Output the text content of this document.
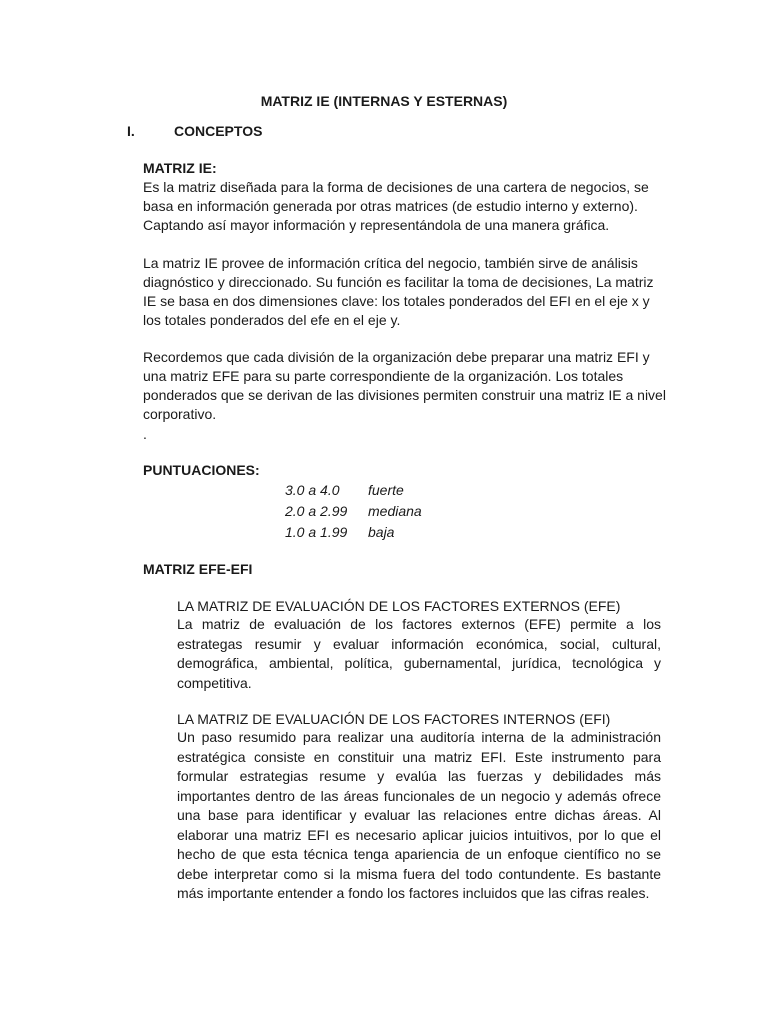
MATRIZ IE (INTERNAS Y ESTERNAS)
I.	CONCEPTOS
MATRIZ IE:
Es la matriz diseñada para la forma de decisiones de una cartera de negocios, se
basa en información generada por otras matrices (de estudio interno y externo).
Captando así mayor información y representándola de una manera gráfica.
La matriz IE provee de información crítica del negocio, también sirve de análisis
diagnóstico y direccionado. Su función es facilitar la toma de decisiones, La matriz
IE se basa en dos dimensiones clave: los totales ponderados del EFI en el eje x y
los totales ponderados del efe en el eje y.
Recordemos que cada división de la organización debe preparar una matriz EFI y
una matriz EFE para su parte correspondiente de la organización. Los totales
ponderados que se derivan de las divisiones permiten construir una matriz IE a nivel
corporativo.
.
PUNTUACIONES:
3.0 a 4.0	fuerte
2.0 a 2.99	mediana
1.0 a 1.99	baja
MATRIZ EFE-EFI
LA MATRIZ DE EVALUACIÓN DE LOS FACTORES EXTERNOS (EFE)
La matriz de evaluación de los factores externos (EFE) permite a los
estrategas resumir y evaluar información económica, social, cultural,
demográfica, ambiental, política, gubernamental, jurídica, tecnológica y
competitiva.
LA MATRIZ DE EVALUACIÓN DE LOS FACTORES INTERNOS (EFI)
Un paso resumido para realizar una auditoría interna de la administración
estratégica consiste en constituir una matriz EFI. Este instrumento para
formular estrategias resume y evalúa las fuerzas y debilidades más
importantes dentro de las áreas funcionales de un negocio y además ofrece
una base para identificar y evaluar las relaciones entre dichas áreas. Al
elaborar una matriz EFI es necesario aplicar juicios intuitivos, por lo que el
hecho de que esta técnica tenga apariencia de un enfoque científico no se
debe interpretar como si la misma fuera del todo contundente. Es bastante
más importante entender a fondo los factores incluidos que las cifras reales.
